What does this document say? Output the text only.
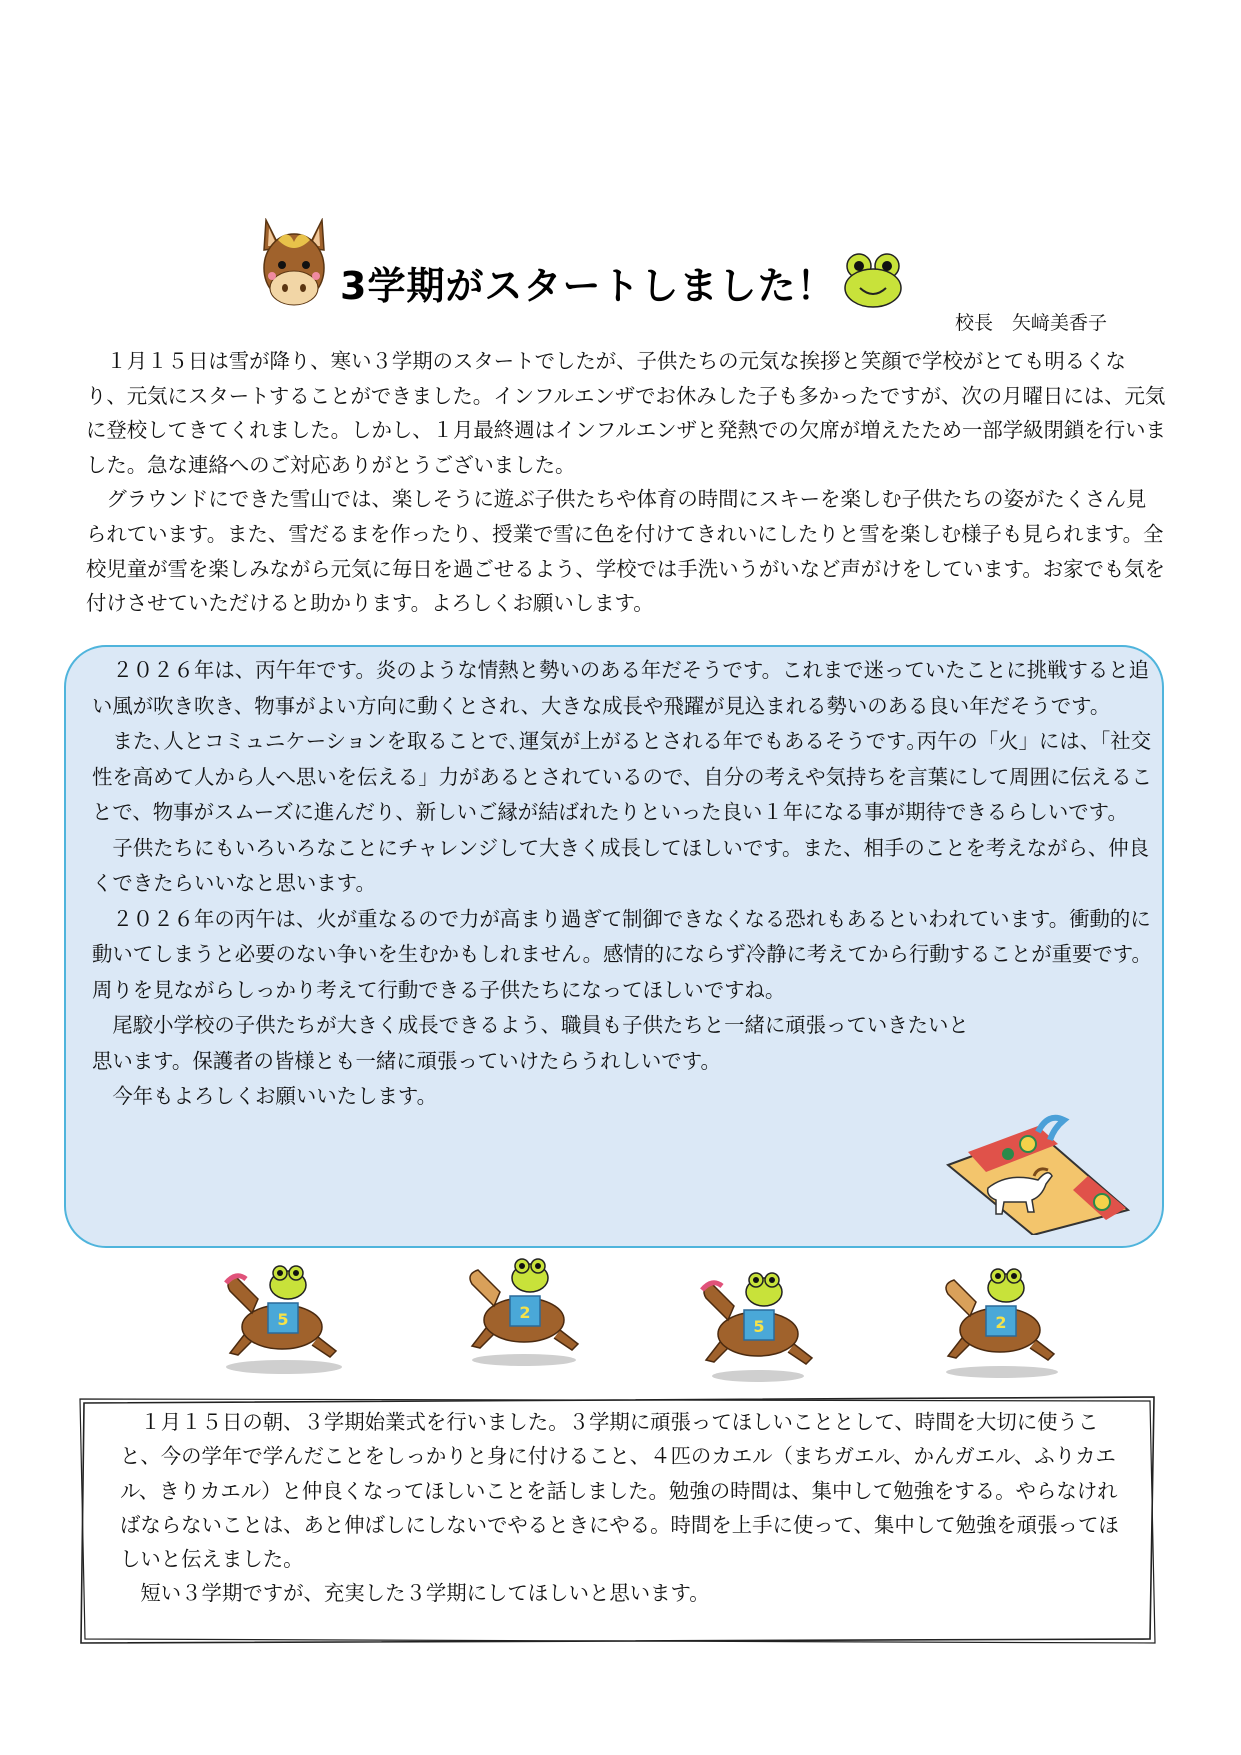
3学期がスタートしました！
校長　矢﨑美香子

　１月１５日は雪が降り、寒い３学期のスタートでしたが、子供たちの元気な挨拶と笑顔で学校がとても明るくなり、元気にスタートすることができました。インフルエンザでお休みした子も多かったですが、次の月曜日には、元気に登校してきてくれました。しかし、１月最終週はインフルエンザと発熱での欠席が増えたため一部学級閉鎖を行いました。急な連絡へのご対応ありがとうございました。

　グラウンドにできた雪山では、楽しそうに遊ぶ子供たちや体育の時間にスキーを楽しむ子供たちの姿がたくさん見られています。また、雪だるまを作ったり、授業で雪に色を付けてきれいにしたりと雪を楽しむ様子も見られます。全校児童が雪を楽しみながら元気に毎日を過ごせるよう、学校では手洗いうがいなど声がけをしています。お家でも気を付けさせていただけると助かります。よろしくお願いします。

　２０２６年は、丙午年です。炎のような情熱と勢いのある年だそうです。これまで迷っていたことに挑戦すると追い風が吹き吹き、物事がよい方向に動くとされ、大きな成長や飛躍が見込まれる勢いのある良い年だそうです。

　また､人とコミュニケーションを取ることで､運気が上がるとされる年でもあるそうです｡丙午の「火」には、「社交性を高めて人から人へ思いを伝える」力があるとされているので、自分の考えや気持ちを言葉にして周囲に伝えることで、物事がスムーズに進んだり、新しいご縁が結ばれたりといった良い１年になる事が期待できるらしいです。

　子供たちにもいろいろなことにチャレンジして大きく成長してほしいです。また、相手のことを考えながら、仲良くできたらいいなと思います。

　２０２６年の丙午は、火が重なるので力が高まり過ぎて制御できなくなる恐れもあるといわれています。衝動的に動いてしまうと必要のない争いを生むかもしれません。感情的にならず冷静に考えてから行動することが重要です。周りを見ながらしっかり考えて行動できる子供たちになってほしいですね。

　尾駮小学校の子供たちが大きく成長できるよう、職員も子供たちと一緒に頑張っていきたいと思います。保護者の皆様とも一緒に頑張っていけたらうれしいです。

　今年もよろしくお願いいたします。

5	2
5	2

　１月１５日の朝、３学期始業式を行いました。３学期に頑張ってほしいこととして、時間を大切に使うこと、今の学年で学んだことをしっかりと身に付けること、４匹のカエル（まちガエル、かんガエル、ふりカエル、きりカエル）と仲良くなってほしいことを話しました。勉強の時間は、集中して勉強をする。やらなければならないことは、あと伸ばしにしないでやるときにやる。時間を上手に使って、集中して勉強を頑張ってほしいと伝えました。

　短い３学期ですが、充実した３学期にしてほしいと思います。
